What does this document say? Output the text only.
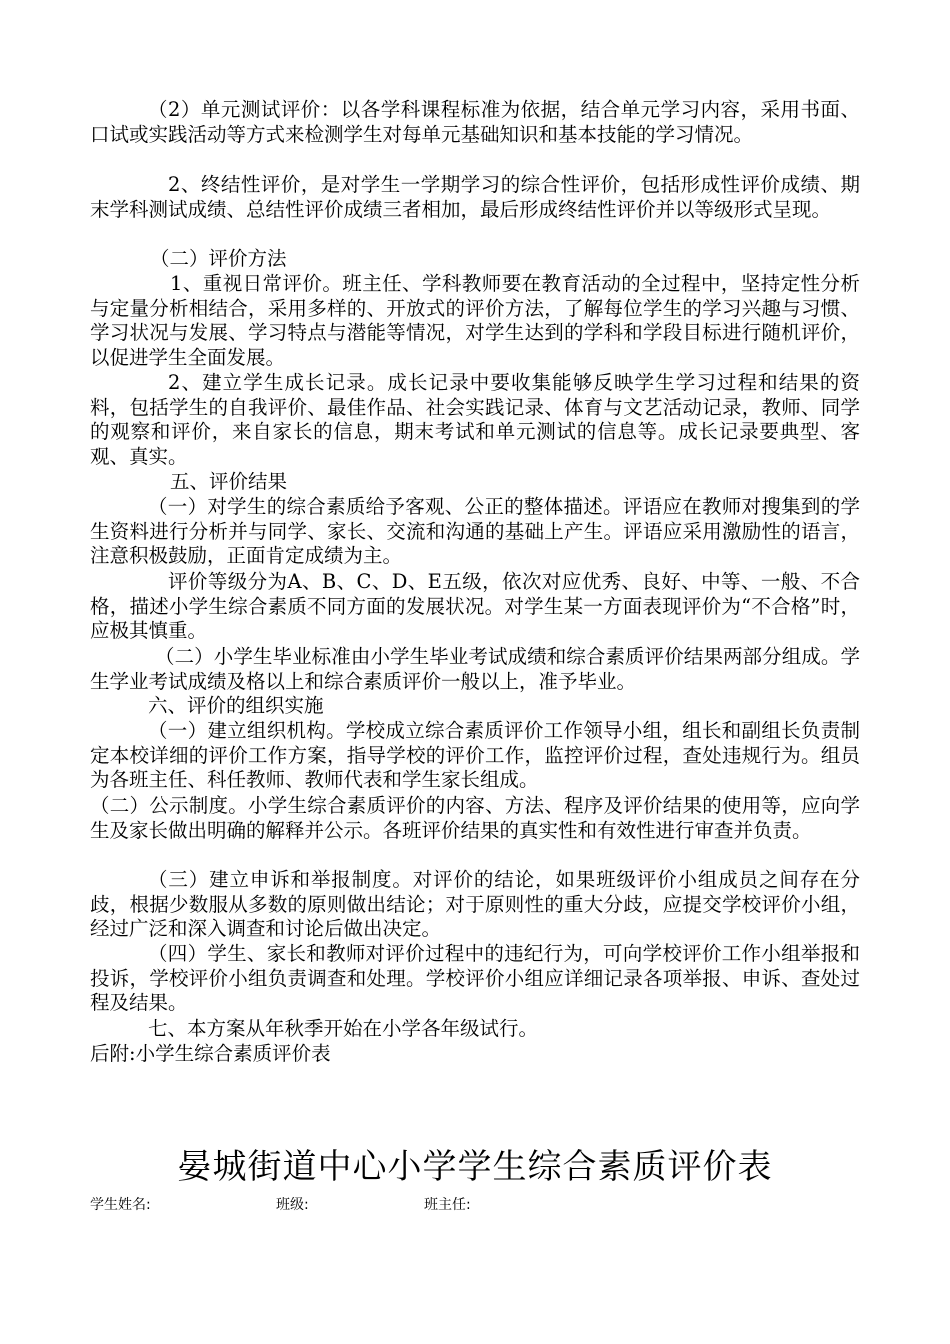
（2）单元测试评价：以各学科课程标准为依据，结合单元学习内容，采用书面、口试或实践活动等方式来检测学生对每单元基础知识和基本技能的学习情况。

2、终结性评价，是对学生一学期学习的综合性评价，包括形成性评价成绩、期末学科测试成绩、总结性评价成绩三者相加，最后形成终结性评价并以等级形式呈现。

（二）评价方法

1、重视日常评价。班主任、学科教师要在教育活动的全过程中，坚持定性分析与定量分析相结合，采用多样的、开放式的评价方法，了解每位学生的学习兴趣与习惯、学习状况与发展、学习特点与潜能等情况，对学生达到的学科和学段目标进行随机评价，以促进学生全面发展。

2、建立学生成长记录。成长记录中要收集能够反映学生学习过程和结果的资料，包括学生的自我评价、最佳作品、社会实践记录、体育与文艺活动记录，教师、同学的观察和评价，来自家长的信息，期末考试和单元测试的信息等。成长记录要典型、客观、真实。

五、评价结果

（一）对学生的综合素质给予客观、公正的整体描述。评语应在教师对搜集到的学生资料进行分析并与同学、家长、交流和沟通的基础上产生。评语应采用激励性的语言，注意积极鼓励，正面肯定成绩为主。

评价等级分为A、B、C、D、E五级，依次对应优秀、良好、中等、一般、不合格，描述小学生综合素质不同方面的发展状况。对学生某一方面表现评价为“不合格”时，应极其慎重。

（二）小学生毕业标准由小学生毕业考试成绩和综合素质评价结果两部分组成。学生学业考试成绩及格以上和综合素质评价一般以上，准予毕业。

六、评价的组织实施

（一）建立组织机构。学校成立综合素质评价工作领导小组，组长和副组长负责制定本校详细的评价工作方案，指导学校的评价工作，监控评价过程，查处违规行为。组员为各班主任、科任教师、教师代表和学生家长组成。

（二）公示制度。小学生综合素质评价的内容、方法、程序及评价结果的使用等，应向学生及家长做出明确的解释并公示。各班评价结果的真实性和有效性进行审查并负责。

（三）建立申诉和举报制度。对评价的结论，如果班级评价小组成员之间存在分歧，根据少数服从多数的原则做出结论；对于原则性的重大分歧，应提交学校评价小组，经过广泛和深入调查和讨论后做出决定。

（四）学生、家长和教师对评价过程中的违纪行为，可向学校评价工作小组举报和投诉，学校评价小组负责调查和处理。学校评价小组应详细记录各项举报、申诉、查处过程及结果。

七、本方案从年秋季开始在小学各年级试行。

后附:小学生综合素质评价表

晏城街道中心小学学生综合素质评价表
学生姓名:	班级:	班主任:
